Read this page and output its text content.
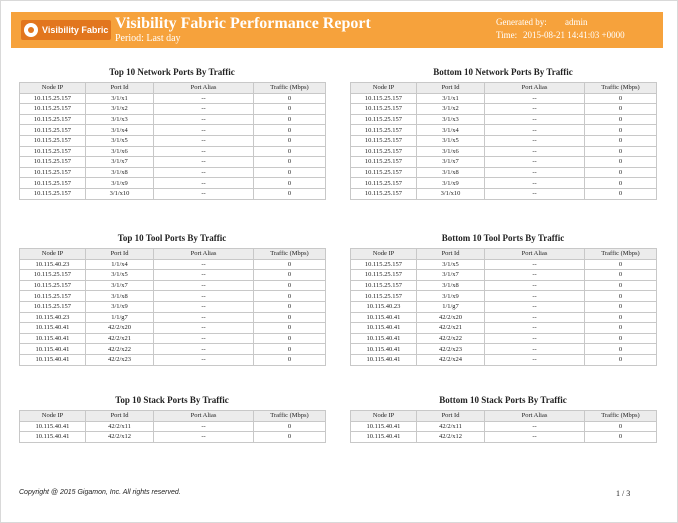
Visibility Fabric Visibility Fabric Performance Report
Period: Last day
Generated by: admin
Time: 2015-08-21 14:41:03 +0000
Top 10 Network Ports By Traffic
Node IP	Port Id	Port Alias	Traffic (Mbps)
10.115.25.157	3/1/x1	--	0
10.115.25.157	3/1/x2	--	0
10.115.25.157	3/1/x3	--	0
10.115.25.157	3/1/x4	--	0
10.115.25.157	3/1/x5	--	0
10.115.25.157	3/1/x6	--	0
10.115.25.157	3/1/x7	--	0
10.115.25.157	3/1/x8	--	0
10.115.25.157	3/1/x9	--	0
10.115.25.157	3/1/x10	--	0
Bottom 10 Network Ports By Traffic
Node IP	Port Id	Port Alias	Traffic (Mbps)
10.115.25.157	3/1/x1	--	0
10.115.25.157	3/1/x2	--	0
10.115.25.157	3/1/x3	--	0
10.115.25.157	3/1/x4	--	0
10.115.25.157	3/1/x5	--	0
10.115.25.157	3/1/x6	--	0
10.115.25.157	3/1/x7	--	0
10.115.25.157	3/1/x8	--	0
10.115.25.157	3/1/x9	--	0
10.115.25.157	3/1/x10	--	0
Top 10 Tool Ports By Traffic
Node IP	Port Id	Port Alias	Traffic (Mbps)
10.115.40.23	1/1/x4	--	0
10.115.25.157	3/1/x5	--	0
10.115.25.157	3/1/x7	--	0
10.115.25.157	3/1/x8	--	0
10.115.25.157	3/1/x9	--	0
10.115.40.23	1/1/g7	--	0
10.115.40.41	42/2/x20	--	0
10.115.40.41	42/2/x21	--	0
10.115.40.41	42/2/x22	--	0
10.115.40.41	42/2/x23	--	0
Bottom 10 Tool Ports By Traffic
Node IP	Port Id	Port Alias	Traffic (Mbps)
10.115.25.157	3/1/x5	--	0
10.115.25.157	3/1/x7	--	0
10.115.25.157	3/1/x8	--	0
10.115.25.157	3/1/x9	--	0
10.115.40.23	1/1/g7	--	0
10.115.40.41	42/2/x20	--	0
10.115.40.41	42/2/x21	--	0
10.115.40.41	42/2/x22	--	0
10.115.40.41	42/2/x23	--	0
10.115.40.41	42/2/x24	--	0
Top 10 Stack Ports By Traffic
Node IP	Port Id	Port Alias	Traffic (Mbps)
10.115.40.41	42/2/x11	--	0
10.115.40.41	42/2/x12	--	0
Bottom 10 Stack Ports By Traffic
Node IP	Port Id	Port Alias	Traffic (Mbps)
10.115.40.41	42/2/x11	--	0
10.115.40.41	42/2/x12	--	0
Copyright @ 2015 Gigamon, Inc. All rights reserved.	1 / 3
